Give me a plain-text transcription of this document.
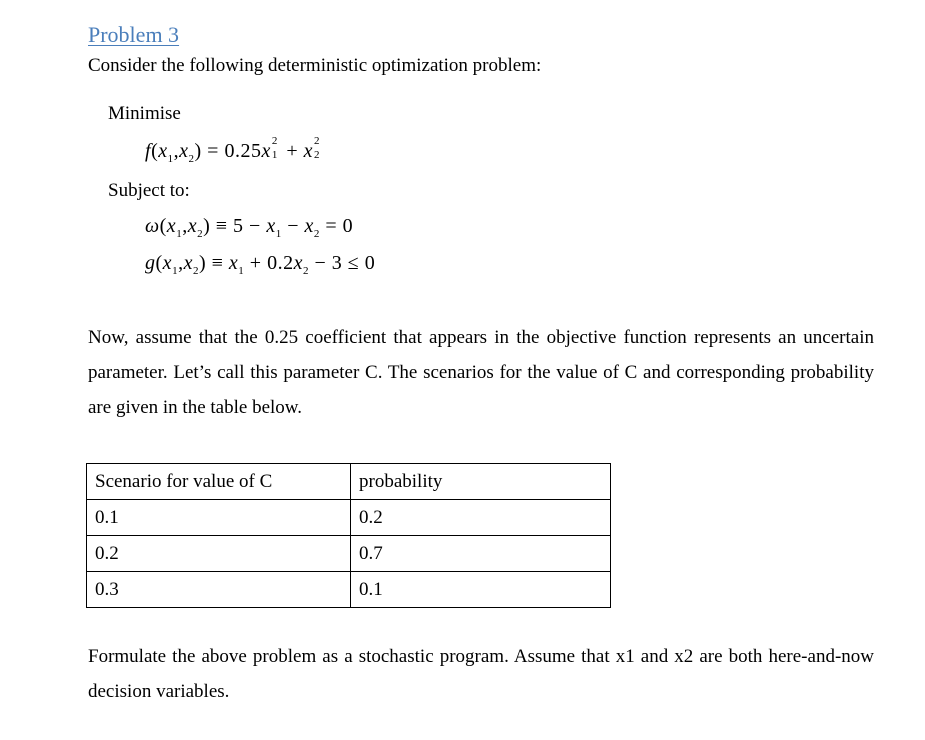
Problem 3
Consider the following deterministic optimization problem:
Minimise
$f(x_1,x_2) = 0.25x$ 2
1 + x 2
2
Subject to:
$\omega(x_1,x_2) \equiv 5 - x_1 - x_2 = 0$
$g(x_1,x_2) \equiv x_1 + 0.2x_2 - 3 \le 0$
Now, assume that the 0.25 coefficient that appears in the objective function represents an uncertain parameter. Let’s call this parameter C. The scenarios for the value of C and corresponding probability are given in the table below.
Scenario for value of C	probability
0.1	0.2
0.2	0.7
0.3	0.1
Formulate the above problem as a stochastic program. Assume that x1 and x2 are both here-and-now decision variables.
